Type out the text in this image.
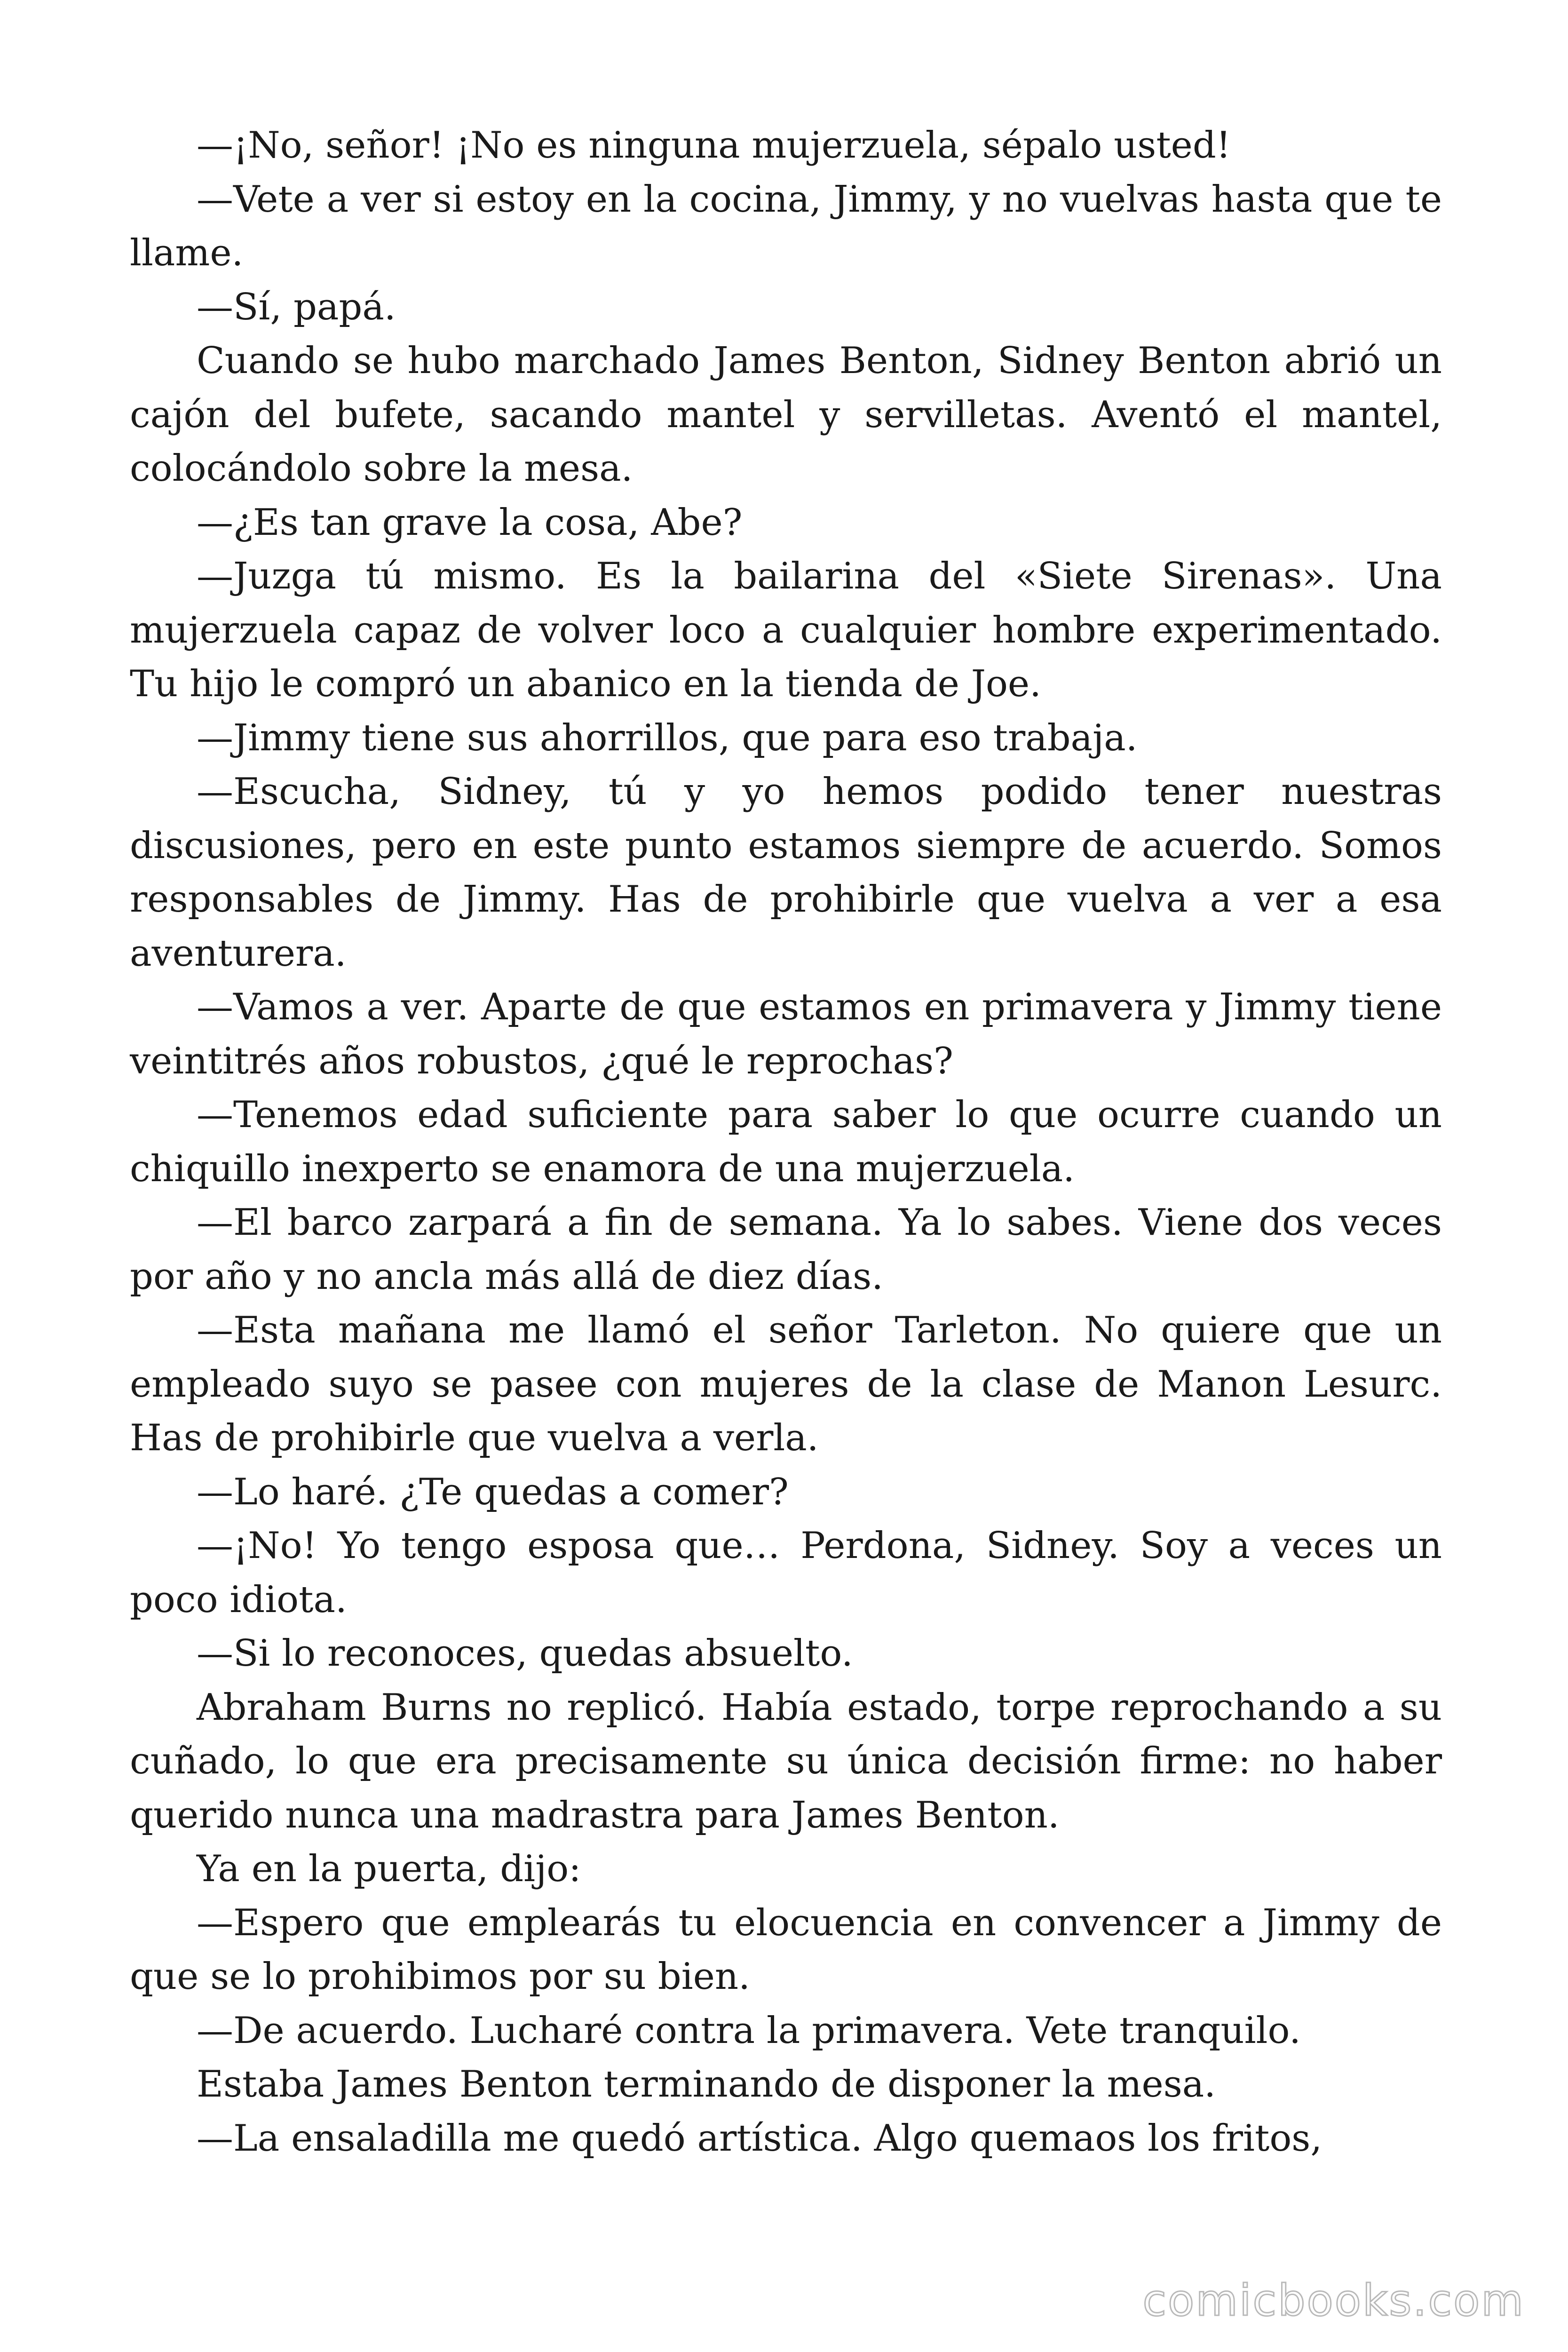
—¡No, señor! ¡No es ninguna mujerzuela, sépalo usted!

—Vete a ver si estoy en la cocina, Jimmy, y no vuelvas hasta que te llame.

—Sí, papá.

Cuando se hubo marchado James Benton, Sidney Benton abrió un cajón del bufete, sacando mantel y servilletas. Aventó el mantel, colocándolo sobre la mesa.

—¿Es tan grave la cosa, Abe?

—Juzga tú mismo. Es la bailarina del «Siete Sirenas». Una mujerzuela capaz de volver loco a cualquier hombre experimentado. Tu hijo le compró un abanico en la tienda de Joe.

—Jimmy tiene sus ahorrillos, que para eso trabaja.

—Escucha, Sidney, tú y yo hemos podido tener nuestras discusiones, pero en este punto estamos siempre de acuerdo. Somos responsables de Jimmy. Has de prohibirle que vuelva a ver a esa aventurera.

—Vamos a ver. Aparte de que estamos en primavera y Jimmy tiene veintitrés años robustos, ¿qué le reprochas?

—Tenemos edad suficiente para saber lo que ocurre cuando un chiquillo inexperto se enamora de una mujerzuela.

—El barco zarpará a fin de semana. Ya lo sabes. Viene dos veces por año y no ancla más allá de diez días.

—Esta mañana me llamó el señor Tarleton. No quiere que un empleado suyo se pasee con mujeres de la clase de Manon Lesurc. Has de prohibirle que vuelva a verla.

—Lo haré. ¿Te quedas a comer?

—¡No! Yo tengo esposa que… Perdona, Sidney. Soy a veces un poco idiota.

—Si lo reconoces, quedas absuelto.

Abraham Burns no replicó. Había estado, torpe reprochando a su cuñado, lo que era precisamente su única decisión firme: no haber querido nunca una madrastra para James Benton.

Ya en la puerta, dijo:

—Espero que emplearás tu elocuencia en convencer a Jimmy de que se lo prohibimos por su bien.

—De acuerdo. Lucharé contra la primavera. Vete tranquilo.

Estaba James Benton terminando de disponer la mesa.

—La ensaladilla me quedó artística. Algo quemaos los fritos,

comicbooks.com
